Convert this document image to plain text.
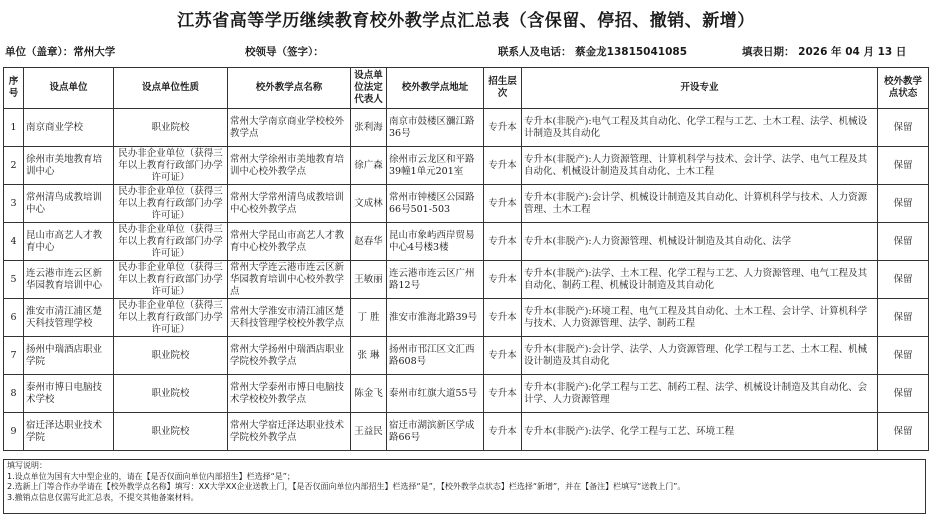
江苏省高等学历继续教育校外教学点汇总表（含保留、停招、撤销、新增）
单位（盖章）：常州大学	校领导（签字）：	联系人及电话： 蔡金龙13815041085	填表日期： 2026 年 04 月 13 日
序号	设点单位	设点单位性质	校外教学点名称	设点单位法定代表人	校外教学点地址	招生层次	开设专业	校外教学点状态
1	南京商业学校	职业院校	常州大学南京商业学校校外教学点	张利海	南京市鼓楼区瀰江路36号	专升本	专升本(非脱产):电气工程及其自动化、化学工程与工艺、土木工程、法学、机械设计制造及其自动化	保留
2	徐州市美地教育培训中心	民办非企业单位（获得三年以上教育行政部门办学许可证）	常州大学徐州市美地教育培训中心校外教学点	徐广森	徐州市云龙区和平路39幢1单元201室	专升本	专升本(非脱产):人力资源管理、计算机科学与技术、会计学、法学、电气工程及其自动化、机械设计制造及其自动化、土木工程	保留
3	常州清鸟成教培训中心	民办非企业单位（获得三年以上教育行政部门办学许可证）	常州大学常州清鸟成教培训中心校外教学点	文成林	常州市钟楼区公园路66号501-503	专升本	专升本(非脱产):会计学、机械设计制造及其自动化、计算机科学与技术、人力资源管理、土木工程	保留
4	昆山市高艺人才教育中心	民办非企业单位（获得三年以上教育行政部门办学许可证）	常州大学昆山市高艺人才教育中心校外教学点	赵春华	昆山市象屿西岸贸易中心4号楼3楼	专升本	专升本(非脱产):人力资源管理、机械设计制造及其自动化、法学	保留
5	连云港市连云区新华园教育培训中心	民办非企业单位（获得三年以上教育行政部门办学许可证）	常州大学连云港市连云区新华园教育培训中心校外教学点	王敏丽	连云港市连云区广州路12号	专升本	专升本(非脱产):法学、土木工程、化学工程与工艺、人力资源管理、电气工程及其自动化、制药工程、机械设计制造及其自动化	保留
6	淮安市清江浦区楚天科技管理学校	民办非企业单位（获得三年以上教育行政部门办学许可证）	常州大学淮安市清江浦区楚天科技管理学校校外教学点	丁 胜	淮安市淮海北路39号	专升本	专升本(非脱产):环境工程、电气工程及其自动化、土木工程、会计学、计算机科学与技术、人力资源管理、法学、制药工程	保留
7	扬州中瑞酒店职业学院	职业院校	常州大学扬州中瑞酒店职业学院校外教学点	张 琳	扬州市邗江区文汇西路608号	专升本	专升本(非脱产):会计学、法学、人力资源管理、化学工程与工艺、土木工程、机械设计制造及其自动化	保留
8	泰州市博日电脑技术学校	职业院校	常州大学泰州市博日电脑技术学校校外教学点	陈金飞	泰州市红旗大道55号	专升本	专升本(非脱产):化学工程与工艺、制药工程、法学、机械设计制造及其自动化、会计学、人力资源管理	保留
9	宿迁泽达职业技术学院	职业院校	常州大学宿迁泽达职业技术学院校外教学点	王益民	宿迁市湖滨新区学成路66号	专升本	专升本(非脱产):法学、化学工程与工艺、环境工程	保留
填写说明：
1.设点单位为国有大中型企业的，请在【是否仅面向单位内部招生】栏选择“是”；
2.选新上门等合作办学请在【校外教学点名称】填写：XX大学XX企业送教上门，【是否仅面向单位内部招生】栏选择“是”，【校外教学点状态】栏选择“新增”，并在【备注】栏填写“送教上门”。
3.撤销点信息仅需写此汇总表，不提交其他备案材料。
